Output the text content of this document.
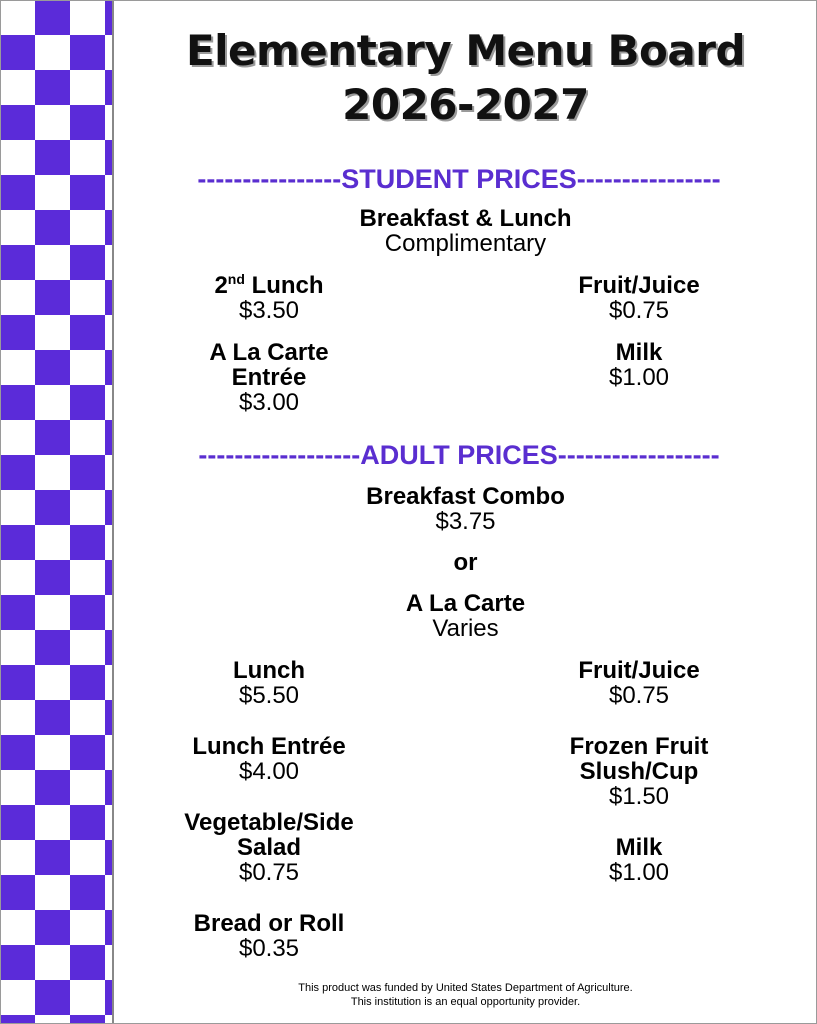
Elementary Menu Board
2026-2027
----------------STUDENT PRICES----------------
Breakfast & Lunch
Complimentary
2nd Lunch
$3.50
Fruit/Juice
$0.75
A La Carte
Entrée
$3.00
Milk
$1.00
------------------ADULT PRICES------------------
Breakfast Combo
$3.75
or
A La Carte
Varies
Lunch
$5.50
Fruit/Juice
$0.75
Lunch Entrée
$4.00
Frozen Fruit
Slush/Cup
$1.50
Vegetable/Side
Salad
$0.75
Milk
$1.00
Bread or Roll
$0.35
This product was funded by United States Department of Agriculture.
This institution is an equal opportunity provider.
